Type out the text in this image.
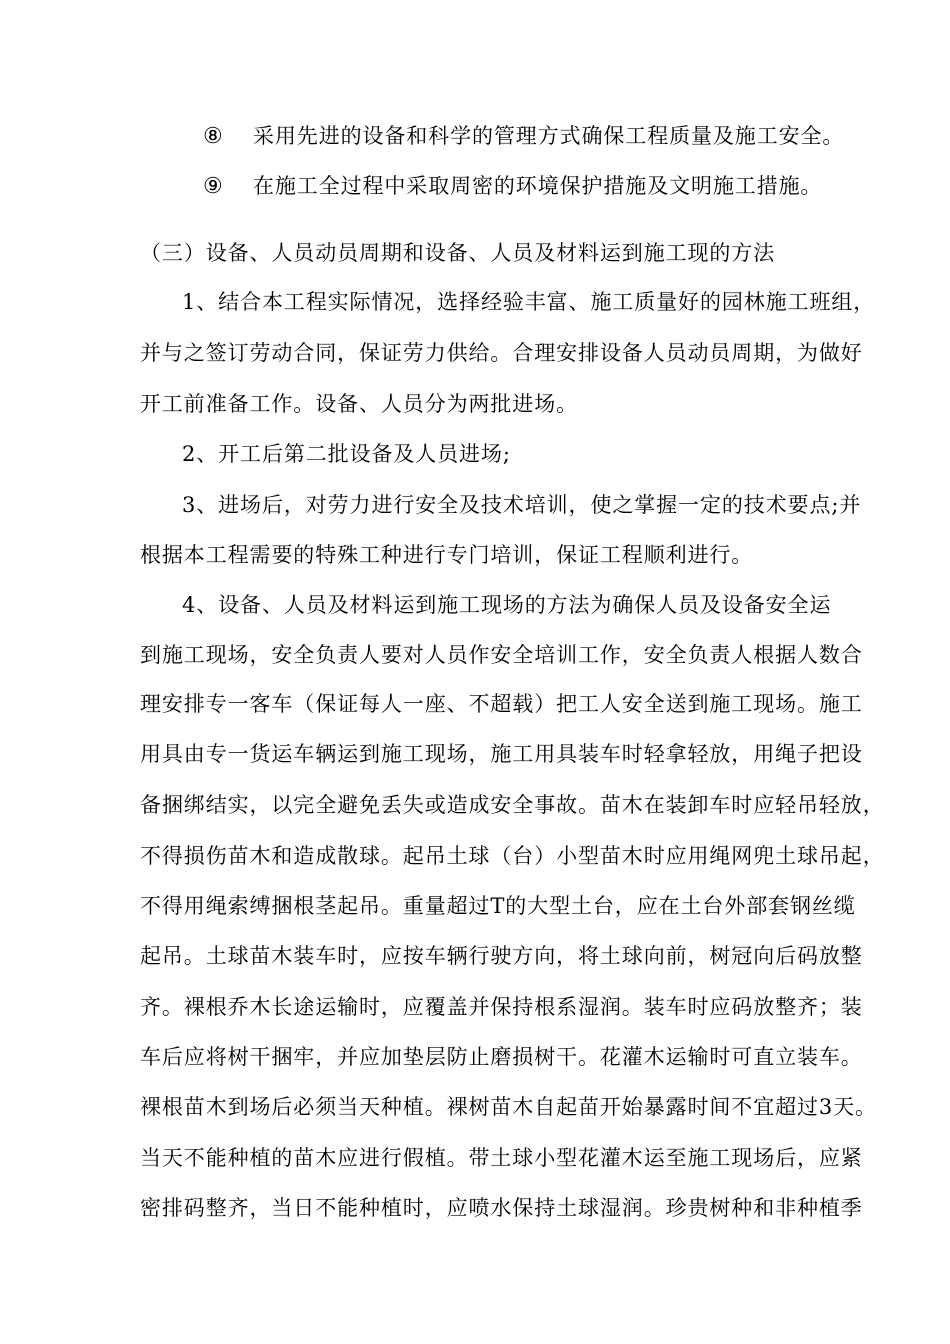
⑧ 采用先进的设备和科学的管理方式确保工程质量及施工安全。
⑨ 在施工全过程中采取周密的环境保护措施及文明施工措施。
（三）设备、人员动员周期和设备、人员及材料运到施工现的方法
1、结合本工程实际情况，选择经验丰富、施工质量好的园林施工班组，
并与之签订劳动合同，保证劳力供给。合理安排设备人员动员周期，为做好
开工前准备工作。设备、人员分为两批进场。
2、开工后第二批设备及人员进场;
3、进场后，对劳力进行安全及技术培训，使之掌握一定的技术要点;并
根据本工程需要的特殊工种进行专门培训，保证工程顺利进行。
4、设备、人员及材料运到施工现场的方法为确保人员及设备安全运
到施工现场，安全负责人要对人员作安全培训工作，安全负责人根据人数合
理安排专一客车（保证每人一座、不超载）把工人安全送到施工现场。施工
用具由专一货运车辆运到施工现场，施工用具装车时轻拿轻放，用绳子把设
备捆绑结实，以完全避免丢失或造成安全事故。苗木在装卸车时应轻吊轻放，
不得损伤苗木和造成散球。起吊土球（台）小型苗木时应用绳网兜土球吊起，
不得用绳索缚捆根茎起吊。重量超过T的大型土台，应在土台外部套钢丝缆
起吊。土球苗木装车时，应按车辆行驶方向，将土球向前，树冠向后码放整
齐。裸根乔木长途运输时，应覆盖并保持根系湿润。装车时应码放整齐；装
车后应将树干捆牢，并应加垫层防止磨损树干。花灌木运输时可直立装车。
裸根苗木到场后必须当天种植。裸树苗木自起苗开始暴露时间不宜超过3天。
当天不能种植的苗木应进行假植。带土球小型花灌木运至施工现场后，应紧
密排码整齐，当日不能种植时，应喷水保持土球湿润。珍贵树种和非种植季
